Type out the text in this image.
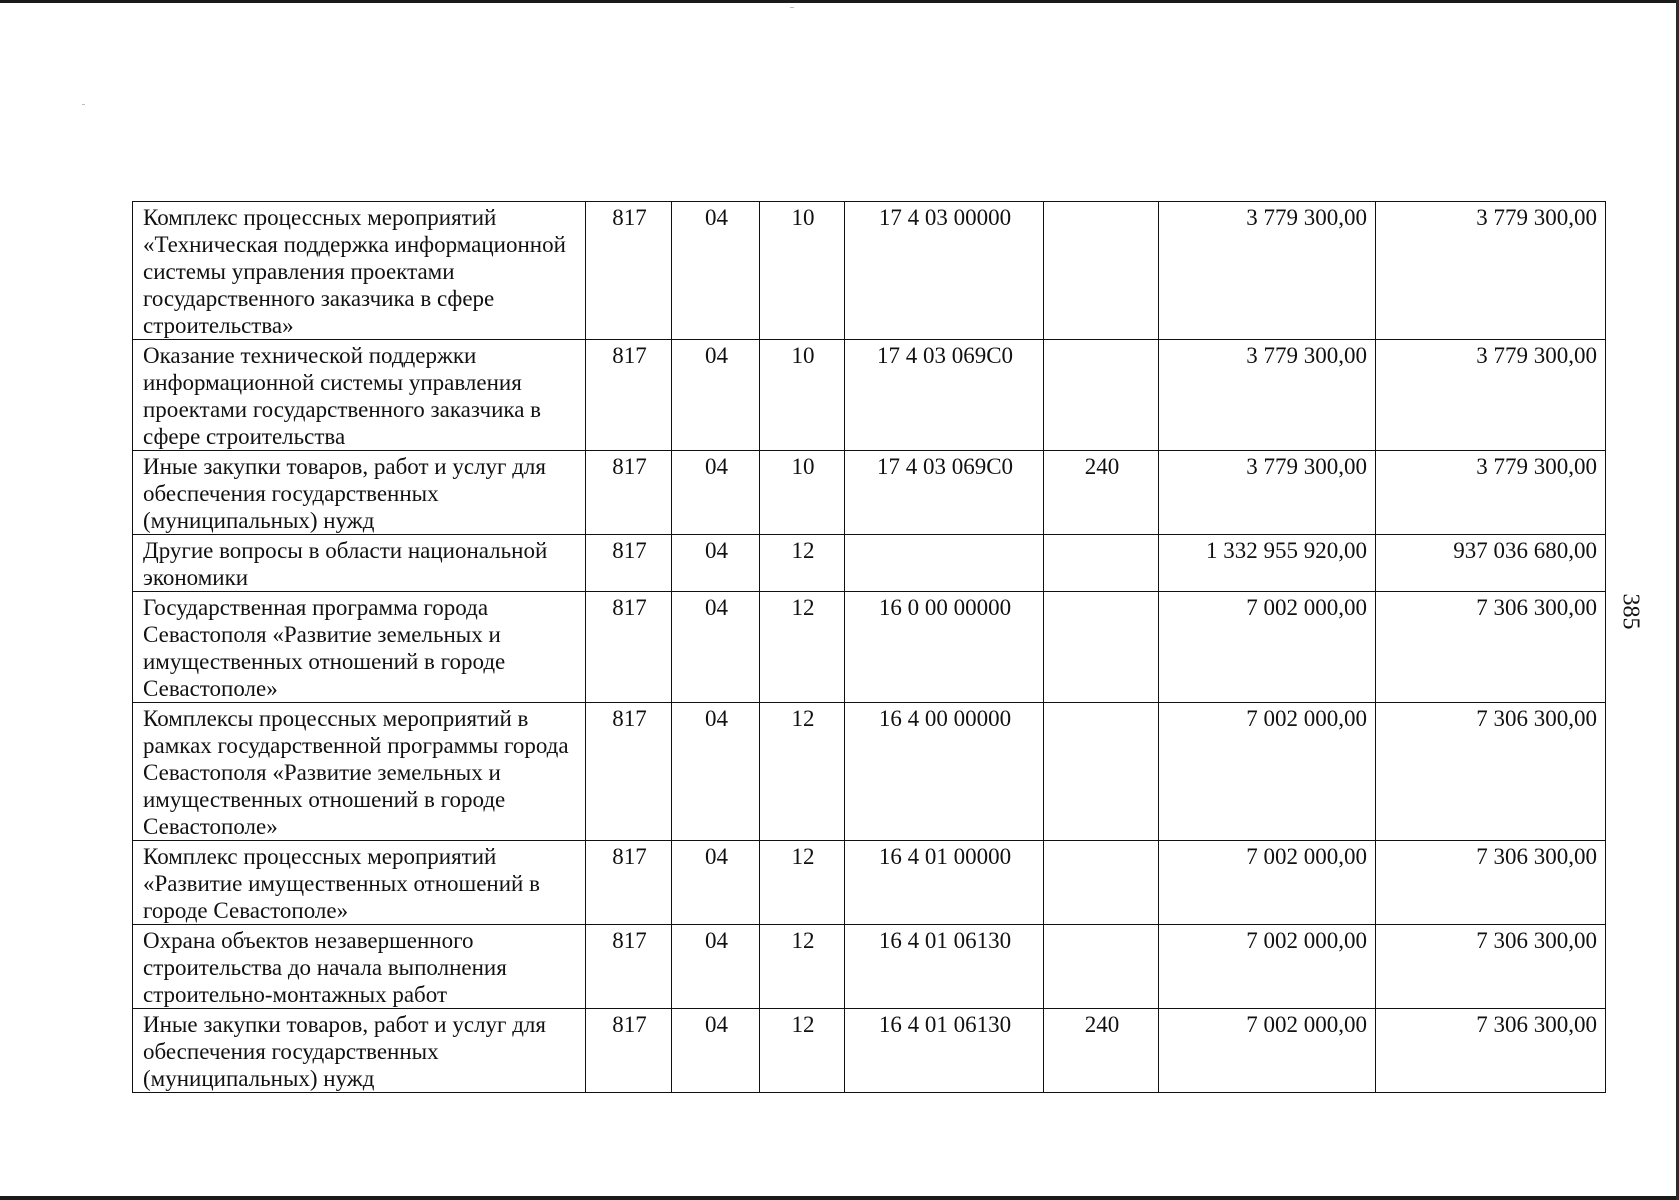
Комплекс процессных мероприятий «Техническая поддержка информационной системы управления проектами государственного заказчика в сфере строительства»	817	04	10	17 4 03 00000		3 779 300,00	3 779 300,00
Оказание технической поддержки информационной системы управления проектами государственного заказчика в сфере строительства	817	04	10	17 4 03 069С0		3 779 300,00	3 779 300,00
Иные закупки товаров, работ и услуг для обеспечения государственных (муниципальных) нужд	817	04	10	17 4 03 069С0	240	3 779 300,00	3 779 300,00
Другие вопросы в области национальной экономики	817	04	12			1 332 955 920,00	937 036 680,00
Государственная программа города Севастополя «Развитие земельных и имущественных отношений в городе Севастополе»	817	04	12	16 0 00 00000		7 002 000,00	7 306 300,00
Комплексы процессных мероприятий в рамках государственной программы города Севастополя «Развитие земельных и имущественных отношений в городе Севастополе»	817	04	12	16 4 00 00000		7 002 000,00	7 306 300,00
Комплекс процессных мероприятий «Развитие имущественных отношений в городе Севастополе»	817	04	12	16 4 01 00000		7 002 000,00	7 306 300,00
Охрана объектов незавершенного строительства до начала выполнения строительно-монтажных работ	817	04	12	16 4 01 06130		7 002 000,00	7 306 300,00
Иные закупки товаров, работ и услуг для обеспечения государственных (муниципальных) нужд	817	04	12	16 4 01 06130	240	7 002 000,00	7 306 300,00
385
